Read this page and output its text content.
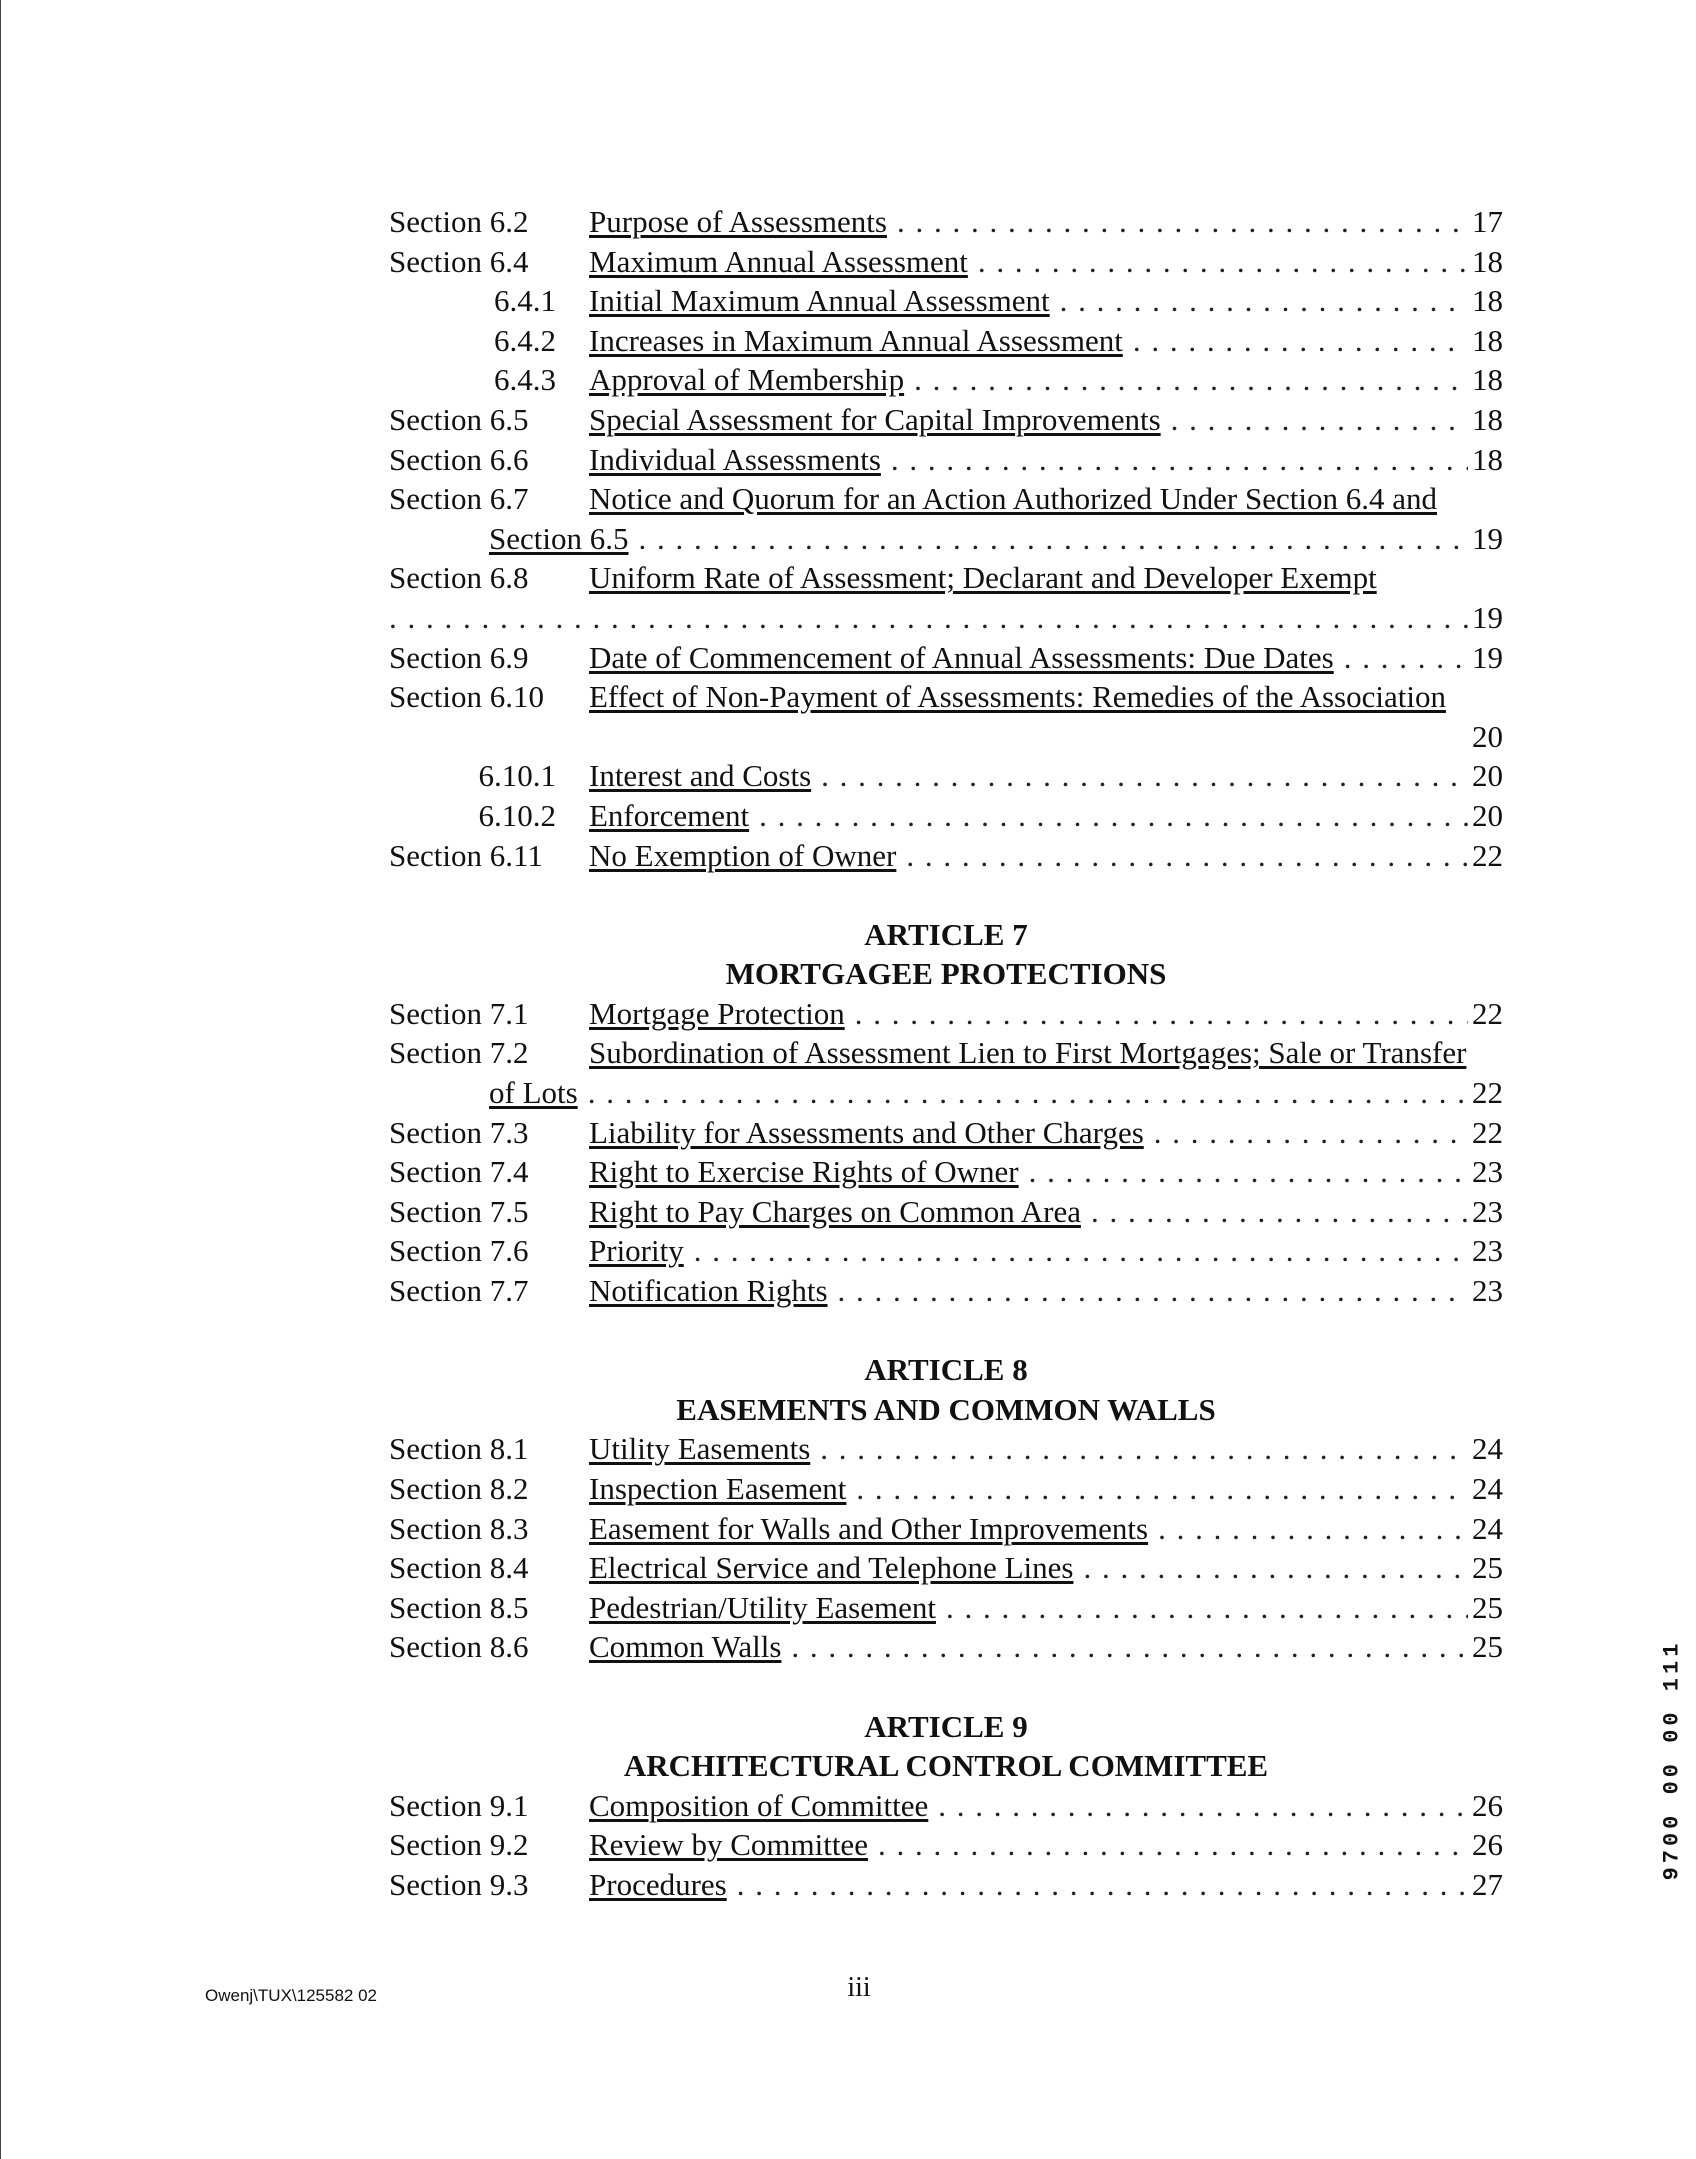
Section 6.2	Purpose of Assessments . . .	17
Section 6.4	Maximum Annual Assessment . . .	18
6.4.1 Initial Maximum Annual Assessment . . .	18
6.4.2 Increases in Maximum Annual Assessment . . .	18
6.4.3 Approval of Membership . . .	18
Section 6.5	Special Assessment for Capital Improvements . . .	18
Section 6.6	Individual Assessments . . .	18
Section 6.7	Notice and Quorum for an Action Authorized Under Section 6.4 and
Section 6.5 . . .	19
Section 6.8	Uniform Rate of Assessment; Declarant and Developer Exempt
. . .
19
Section 6.9	Date of Commencement of Annual Assessments: Due Dates . . .	19
Section 6.10	Effect of Non-Payment of Assessments: Remedies of the Association
20
6.10.1 Interest and Costs . . .	20
6.10.2 Enforcement . . .	20
Section 6.11	No Exemption of Owner . . .	22
ARTICLE 7
MORTGAGEE PROTECTIONS
Section 7.1	Mortgage Protection . . .	22
Section 7.2	Subordination of Assessment Lien to First Mortgages; Sale or Transfer
of Lots . . .	22
Section 7.3	Liability for Assessments and Other Charges . . .	22
Section 7.4	Right to Exercise Rights of Owner . . .	23
Section 7.5	Right to Pay Charges on Common Area . . .	23
Section 7.6	Priority . . .	23
Section 7.7	Notification Rights . . .	23
ARTICLE 8
EASEMENTS AND COMMON WALLS
Section 8.1	Utility Easements . . .	24
Section 8.2	Inspection Easement . . .	24
Section 8.3	Easement for Walls and Other Improvements . . .	24
Section 8.4	Electrical Service and Telephone Lines . . .	25
Section 8.5	Pedestrian/Utility Easement . . .	25
Section 8.6	Common Walls . . .	25
ARTICLE 9
ARCHITECTURAL CONTROL COMMITTEE
Section 9.1	Composition of Committee . . .	26
Section 9.2	Review by Committee . . .	26
Section 9.3	Procedures . . .	27
Owenj\TUX\125582 02	iii
9700 00 00 111
